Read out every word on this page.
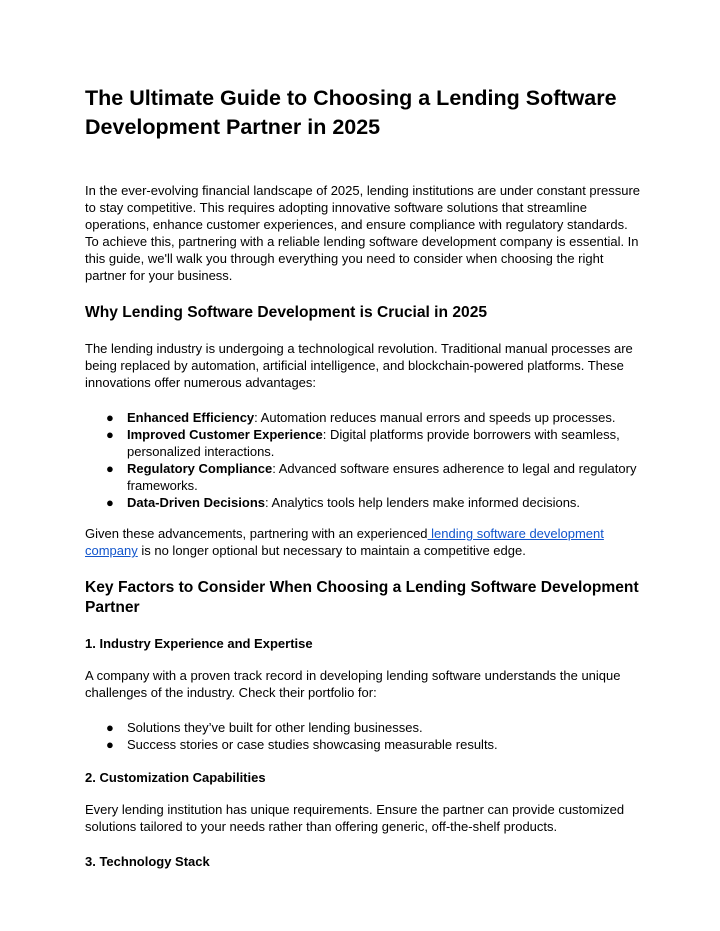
The Ultimate Guide to Choosing a Lending Software Development Partner in 2025

In the ever-evolving financial landscape of 2025, lending institutions are under constant pressure to stay competitive. This requires adopting innovative software solutions that streamline operations, enhance customer experiences, and ensure compliance with regulatory standards. To achieve this, partnering with a reliable lending software development company is essential. In this guide, we'll walk you through everything you need to consider when choosing the right partner for your business.

Why Lending Software Development is Crucial in 2025

The lending industry is undergoing a technological revolution. Traditional manual processes are being replaced by automation, artificial intelligence, and blockchain-powered platforms. These innovations offer numerous advantages:

● Enhanced Efficiency: Automation reduces manual errors and speeds up processes.
● Improved Customer Experience: Digital platforms provide borrowers with seamless, personalized interactions.
● Regulatory Compliance: Advanced software ensures adherence to legal and regulatory frameworks.
● Data-Driven Decisions: Analytics tools help lenders make informed decisions.

Given these advancements, partnering with an experienced lending software development company is no longer optional but necessary to maintain a competitive edge.

Key Factors to Consider When Choosing a Lending Software Development Partner
1. Industry Experience and Expertise

A company with a proven track record in developing lending software understands the unique challenges of the industry. Check their portfolio for:

● Solutions they’ve built for other lending businesses.
● Success stories or case studies showcasing measurable results.
2. Customization Capabilities

Every lending institution has unique requirements. Ensure the partner can provide customized solutions tailored to your needs rather than offering generic, off-the-shelf products.

3. Technology Stack
